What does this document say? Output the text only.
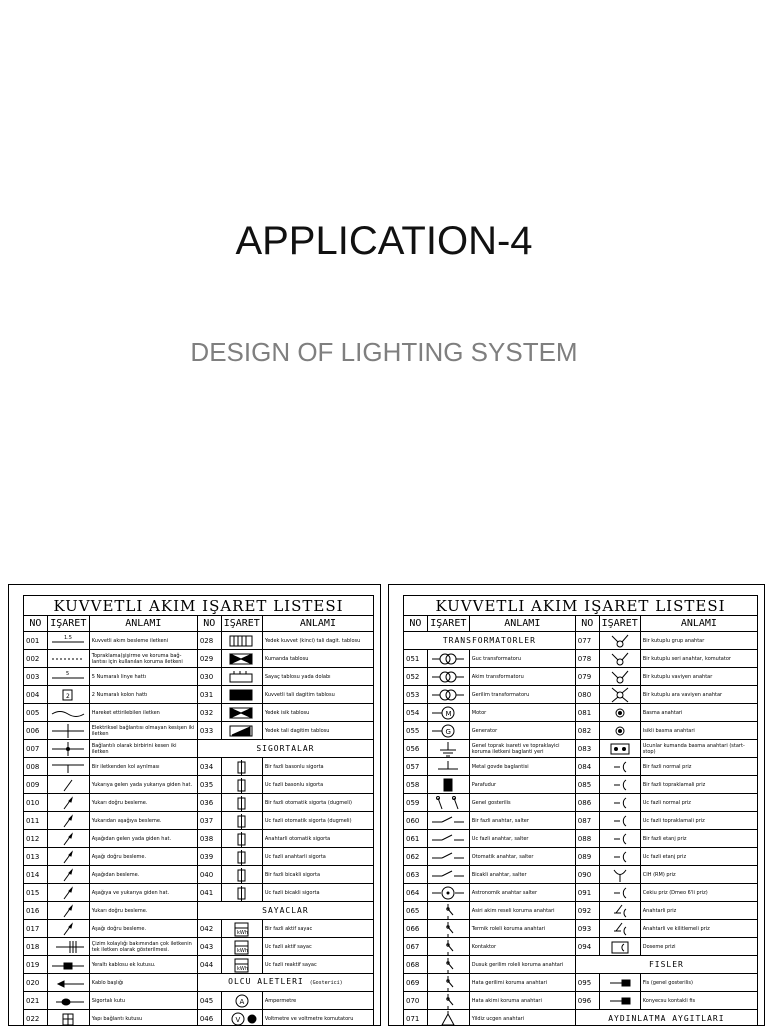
APPLICATION-4
DESIGN OF LIGHTING SYSTEM
KUVVETLI AKIM IŞARET LISTESI
NO	IŞARET	ANLAMI	NO	IŞARET	ANLAMI
001	1.5	Kuvvetli akım besleme iletkeni	028		Yedek kuvvet (kinci) tali dagit. tablosu
002		Topraklama(şişirme ve koruma bağ-lantısı için kullanılan koruma iletkeni	029		Kumanda tablosu
003	5	5 Numaralı linye hattı	030		Sayaç tablosu yada dolabı
004	2	2 Numaralı kolon hattı	031		Kuvvetli tali dagitim tablosu
005		Hareket ettirilebilen iletken	032		Yedek isik tablosu
006		Elektriksel bağlantısı olmayan kesişen iki iletken	033		Yedek tali dagitim tablosu
007		Bağlantılı olarak birbirini kesen iki iletken	SIGORTALAR		
008		Bir iletkenden kol ayrılması	034		Bir fazli basonlu sigorta
009		Yukarıya gelen yada yukarıya giden hat.	035		Uc fazli basonlu sigorta
010		Yukarı doğru besleme.	036		Bir fazli otomatik sigorta (dugmeli)
011		Yukarıdan aşağıya besleme.	037		Uc fazli otomatik sigorta (dugmeli)
012		Aşağıdan gelen yada giden hat.	038		Anahtarli otomatik sigorta
013		Aşağı doğru besleme.	039		Uc fazli anahtarli sigorta
014		Aşağıdan besleme.	040		Bir fazli bicakli sigorta
015		Aşağıya ve yukarıya giden hat.	041		Uc fazli bicakli sigorta
016		Yukarı doğru besleme.	SAYACLAR		
017		Aşağı doğru besleme.	042	kWh	Bir fazli aktif sayac
018		Çizim kolaylığı bakımından çok iletkenin tek iletken olarak gösterilmesi.	043	kWh	Uc fazli aktif sayac
019		Yeraltı kablosu ek kutusu.	044	kWh	Uc fazli reaktif sayac
020		Kablo başlığı	OLCU ALETLERI (Gosterici)		
021		Sigortalı kutu	045	A	Ampermetre
022		Yapı bağlantı kutusu	046	V	Voltmetre ve voltmetre komutatoru
KUVVETLI AKIM IŞARET LISTESI
NO	IŞARET	ANLAMI	NO	IŞARET	ANLAMI
TRANSFORMATORLER			077		Bir kutuplu grup anahtar
051		Guc transformatoru	078		Bir kutuplu seri anahtar, komutator
052		Akim transformatoru	079		Bir kutuplu vaviyen anahtar
053		Gerilim transformatoru	080		Bir kutuplu ara vaviyen anahtar
054	M	Motor	081		Basma anahtari
055	G	Generator	082		Isikli basma anahtari
056		Genel toprak isareti ve topraklayici koruma iletkeni baglanti yeri	083		Ucunlar kumanda basma anahtari (start-stop)
057		Metal govde baglantisi	084		Bir fazli normal priz
058		Parafudur	085		Bir fazli topraklamali priz
059		Genel gosterilis	086		Uc fazli normal priz
060		Bir fazli anahtar, salter	087		Uc fazli topraklamali priz
061		Uc fazli anahtar, salter	088		Bir fazli etanj priz
062		Otomatik anahtar, salter	089		Uc fazli etanj priz
063		Bicakli anahtar, salter	090		CIH (RM) priz
064		Astronomik anahtar salter	091		Cekiu priz (Dmeo 6'li priz)
065		Asiri akim reseli koruma anahtari	092		Anahtarli priz
066		Termik roleli koruma anahtari	093		Anahtarli ve kilitlemeli priz
067		Kontaktor	094		Doseme prizi
068		Dusuk gerilim roleli koruma anahtari	FISLER		
069		Hata gerilimi koruma anahtari	095		Fis (genel gosterilis)
070		Hata akimi koruma anahtari	096		Konyecsu kontakli fis
071		Yildiz ucgen anahtari	AYDINLATMA AYGITLARI		
